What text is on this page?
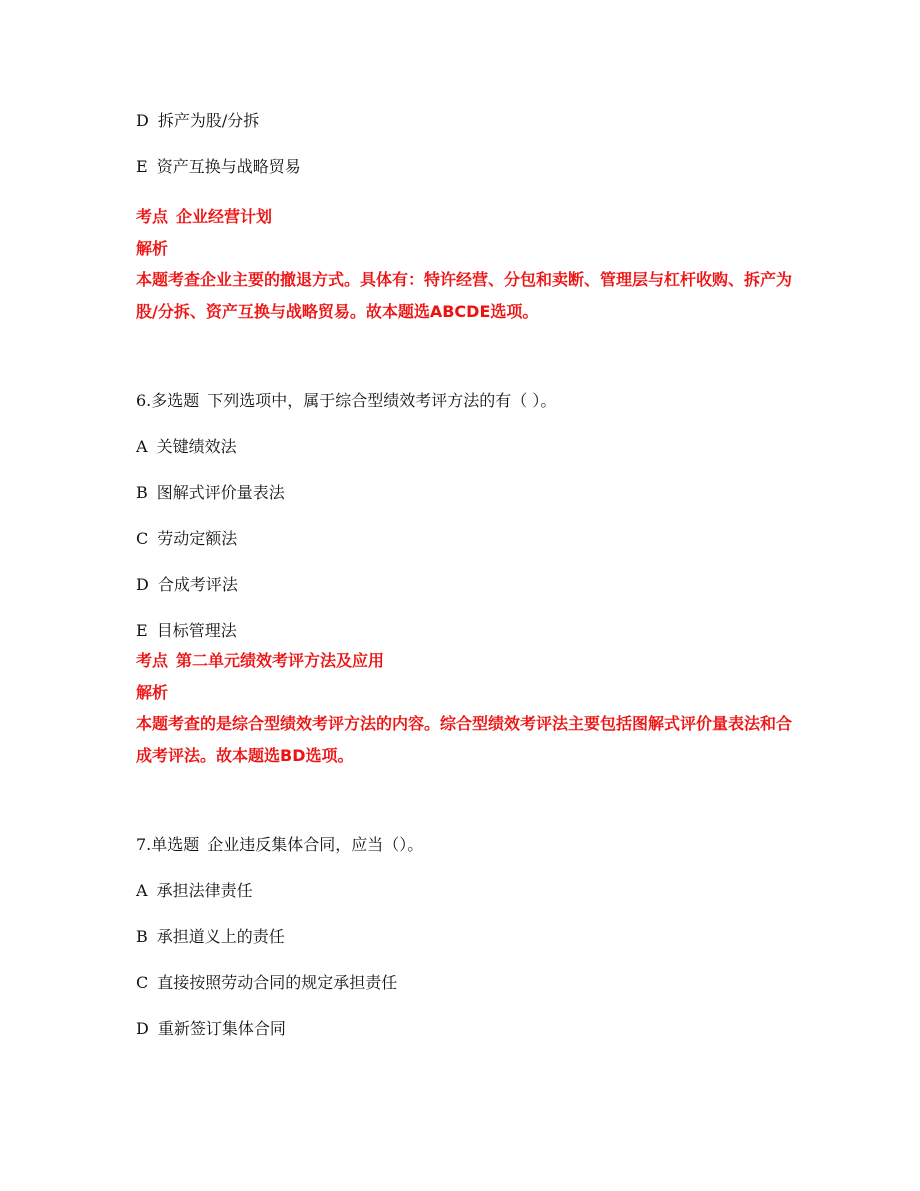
D 拆产为股/分拆
E 资产互换与战略贸易
考点 企业经营计划
解析
本题考查企业主要的撤退方式。具体有：特许经营、分包和卖断、管理层与杠杆收购、拆产为股/分拆、资产互换与战略贸易。故本题选ABCDE选项。
6.多选题 下列选项中，属于综合型绩效考评方法的有（ ）。
A 关键绩效法
B 图解式评价量表法
C 劳动定额法
D 合成考评法
E 目标管理法
考点 第二单元绩效考评方法及应用
解析
本题考查的是综合型绩效考评方法的内容。综合型绩效考评法主要包括图解式评价量表法和合成考评法。故本题选BD选项。
7.单选题 企业违反集体合同，应当（）。
A 承担法律责任
B 承担道义上的责任
C 直接按照劳动合同的规定承担责任
D 重新签订集体合同
